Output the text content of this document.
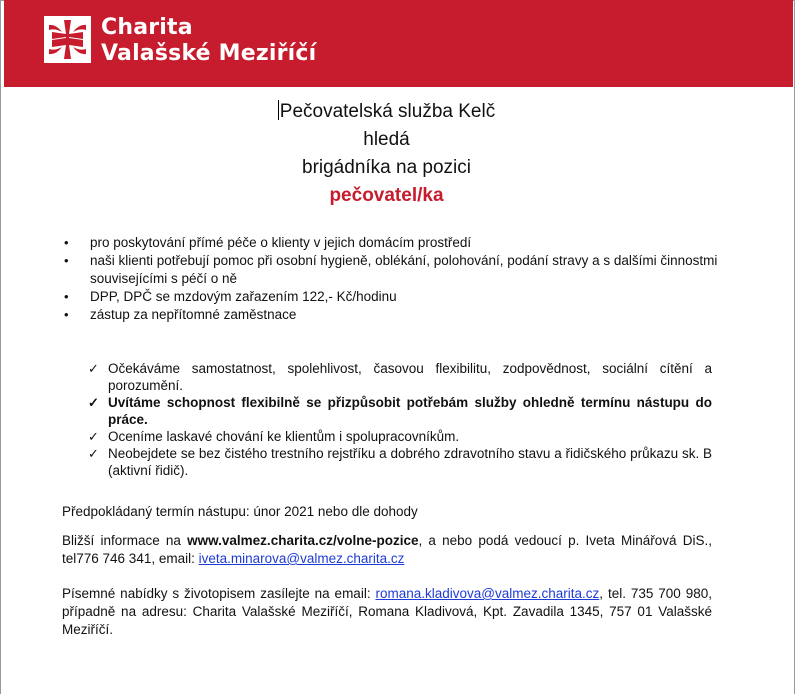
Charita
Valašské Meziříčí
Pečovatelská služba Kelč
hledá
brigádníka na pozici
pečovatel/ka
• pro poskytování přímé péče o klienty v jejich domácím prostředí
• naši klienti potřebují pomoc při osobní hygieně, oblékání, polohování, podání stravy a s dalšími činnostmi souvisejícími s péčí o ně
• DPP, DPČ se mzdovým zařazením 122,- Kč/hodinu
• zástup za nepřítomné zaměstnace
✓ Očekáváme samostatnost, spolehlivost, časovou flexibilitu, zodpovědnost, sociální cítění a porozumění.
✓ Uvítáme schopnost flexibilně se přizpůsobit potřebám služby ohledně termínu nástupu do práce.
✓ Oceníme laskavé chování ke klientům i spolupracovníkům.
✓ Neobejdete se bez čistého trestního rejstříku a dobrého zdravotního stavu a řidičského průkazu sk. B (aktivní řidič).
Předpokládaný termín nástupu: únor 2021 nebo dle dohody
Bližší informace na www.valmez.charita.cz/volne-pozice, a nebo podá vedoucí p. Iveta Minářová DiS., tel776 746 341, email: iveta.minarova@valmez.charita.cz
Písemné nabídky s životopisem zasílejte na email: romana.kladivova@valmez.charita.cz, tel. 735 700 980, případně na adresu: Charita Valašské Meziříčí, Romana Kladivová, Kpt. Zavadila 1345, 757 01 Valašské Meziříčí.
